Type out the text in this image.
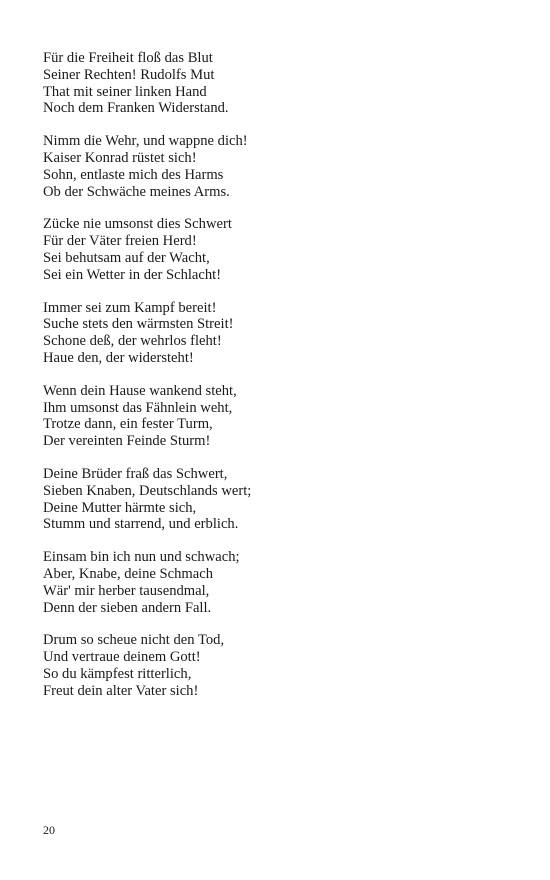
Für die Freiheit floß das Blut
Seiner Rechten! Rudolfs Mut
That mit seiner linken Hand
Noch dem Franken Widerstand.
Nimm die Wehr, und wappne dich!
Kaiser Konrad rüstet sich!
Sohn, entlaste mich des Harms
Ob der Schwäche meines Arms.
Zücke nie umsonst dies Schwert
Für der Väter freien Herd!
Sei behutsam auf der Wacht,
Sei ein Wetter in der Schlacht!
Immer sei zum Kampf bereit!
Suche stets den wärmsten Streit!
Schone deß, der wehrlos fleht!
Haue den, der widersteht!
Wenn dein Hause wankend steht,
Ihm umsonst das Fähnlein weht,
Trotze dann, ein fester Turm,
Der vereinten Feinde Sturm!
Deine Brüder fraß das Schwert,
Sieben Knaben, Deutschlands wert;
Deine Mutter härmte sich,
Stumm und starrend, und erblich.
Einsam bin ich nun und schwach;
Aber, Knabe, deine Schmach
Wär' mir herber tausendmal,
Denn der sieben andern Fall.
Drum so scheue nicht den Tod,
Und vertraue deinem Gott!
So du kämpfest ritterlich,
Freut dein alter Vater sich!
20
